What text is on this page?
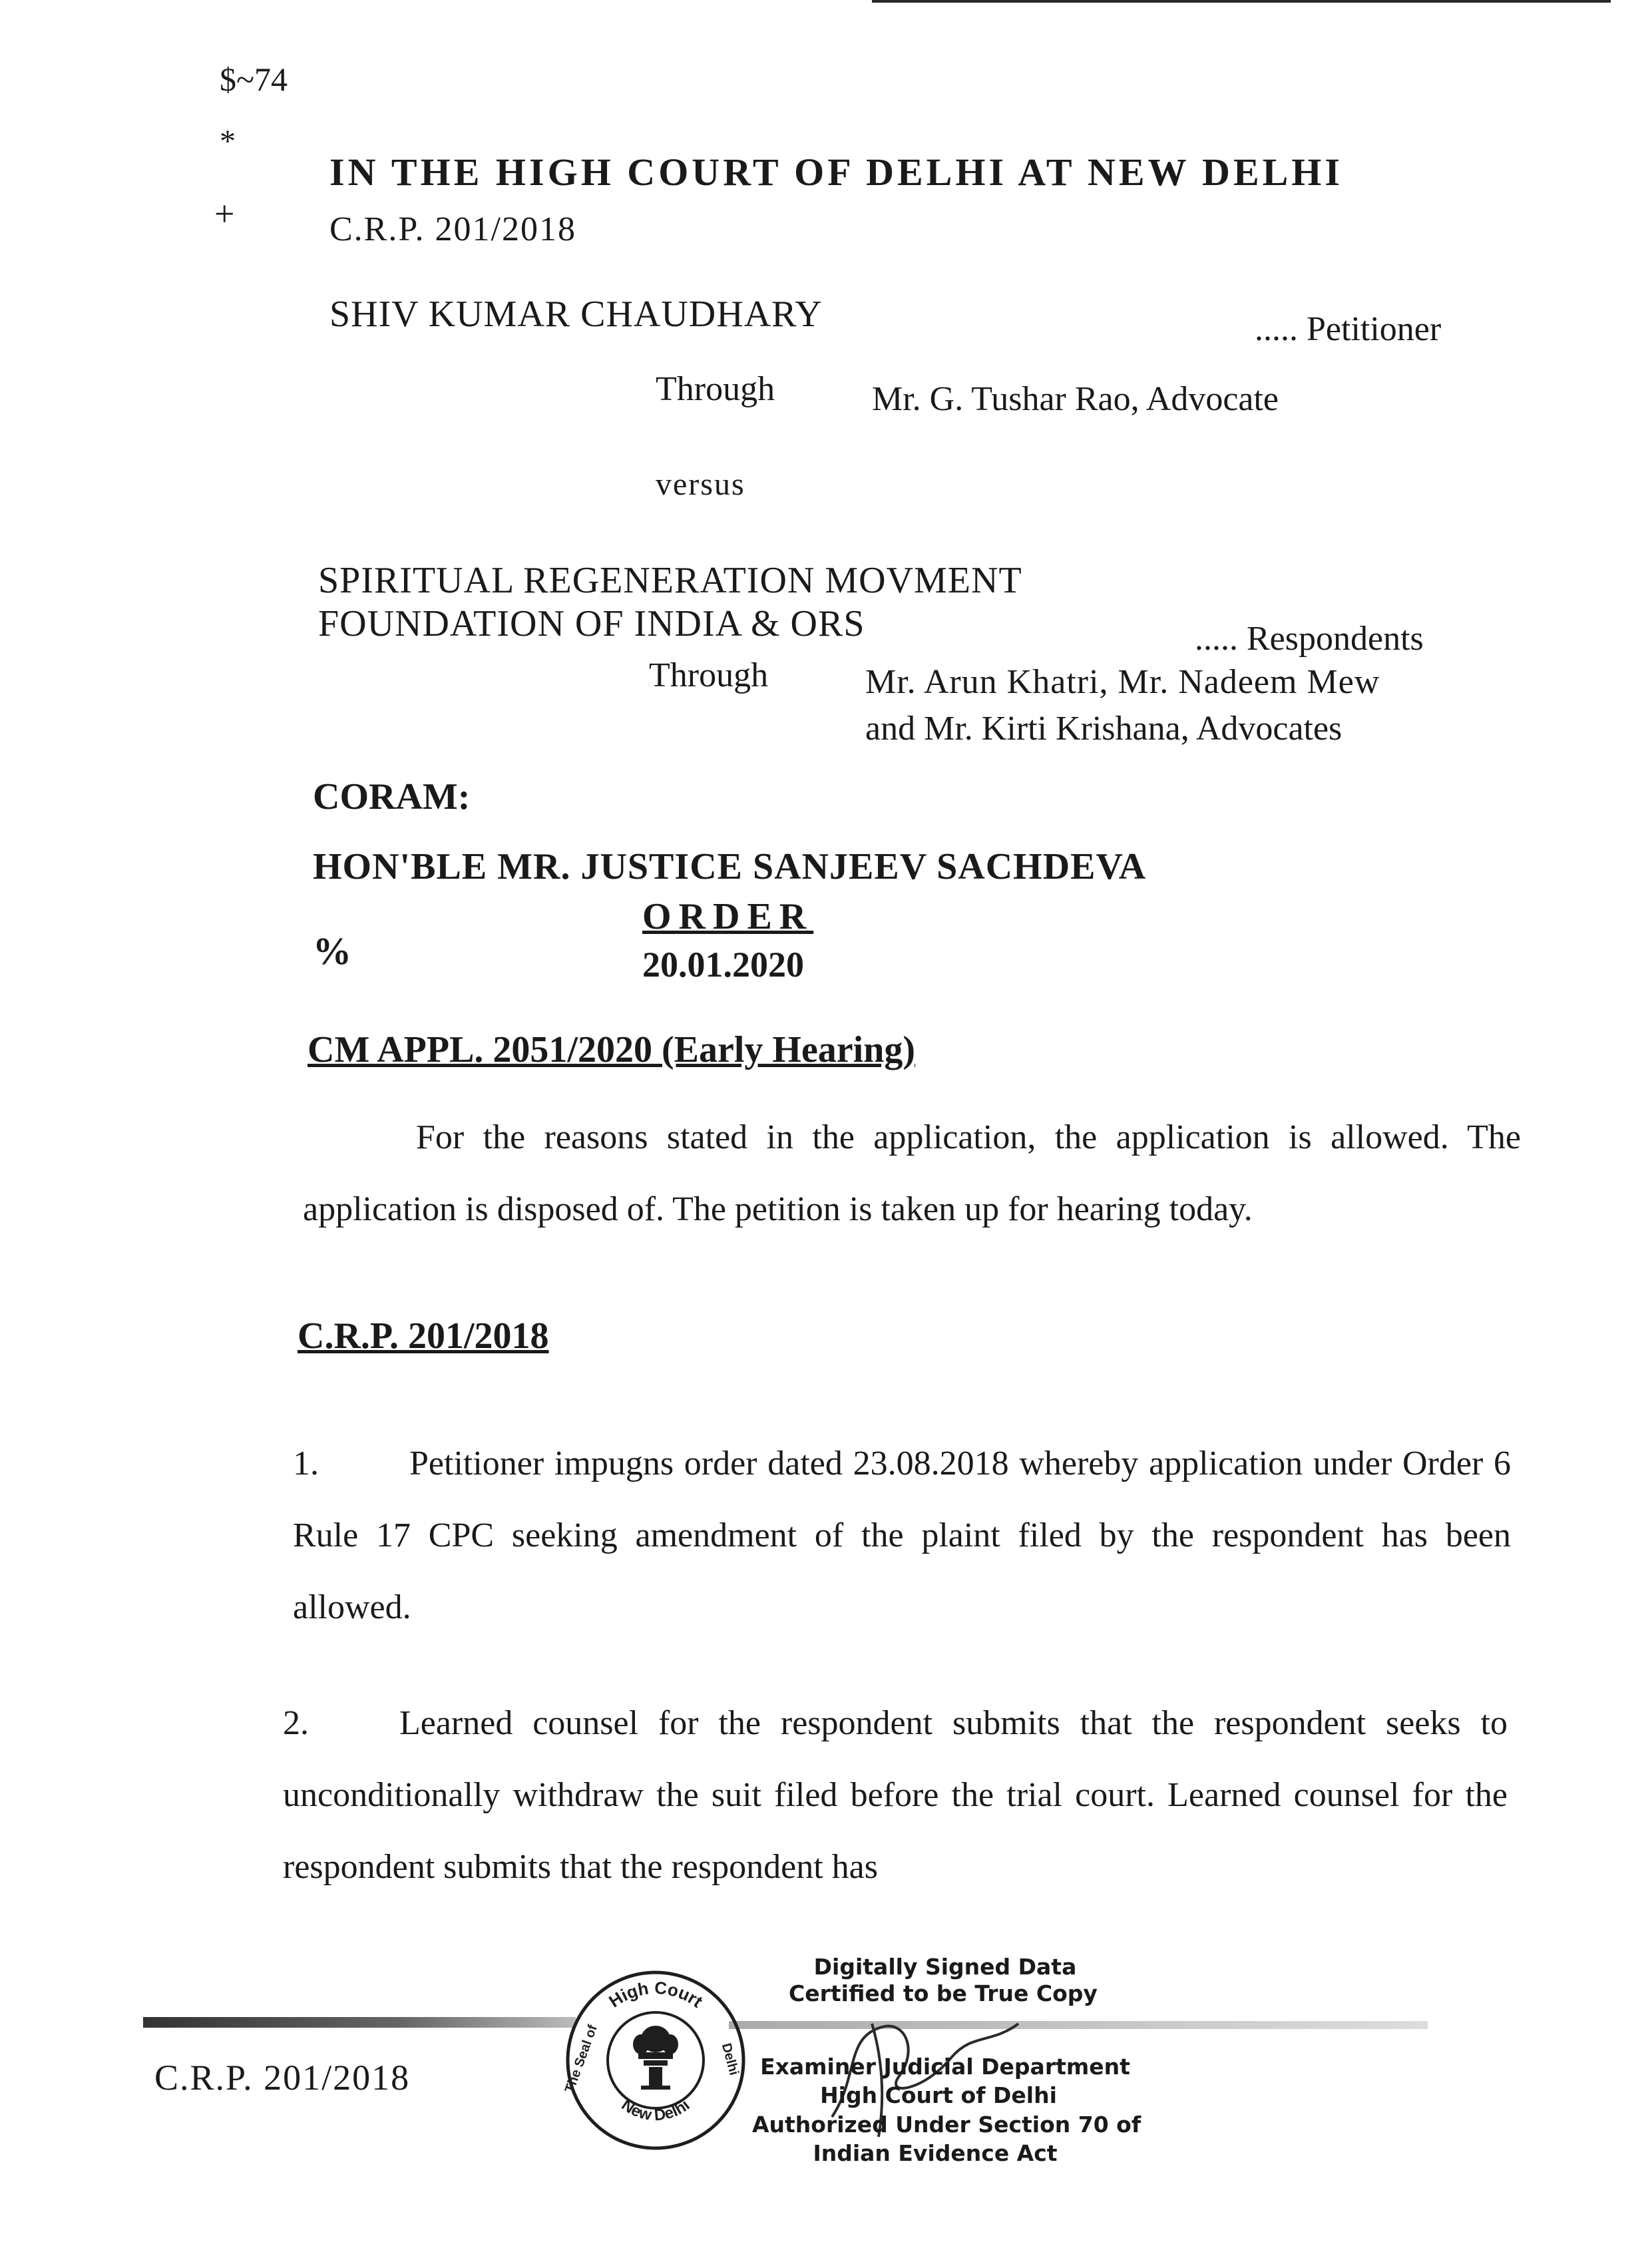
$~74
*
+
IN THE HIGH COURT OF DELHI AT NEW DELHI
C.R.P. 201/2018
SHIV KUMAR CHAUDHARY	..... Petitioner
Through	Mr. G. Tushar Rao, Advocate
versus
SPIRITUAL REGENERATION MOVMENT
FOUNDATION OF INDIA & ORS	..... Respondents
Through	Mr. Arun Khatri, Mr. Nadeem Mew
and Mr. Kirti Krishana, Advocates
CORAM:
HON'BLE MR. JUSTICE SANJEEV SACHDEVA
ORDER
%	20.01.2020
CM APPL. 2051/2020 (Early Hearing)
For the reasons stated in the application, the application is allowed. The application is disposed of. The petition is taken up for hearing today.
C.R.P. 201/2018
1.	Petitioner impugns order dated 23.08.2018 whereby application under Order 6 Rule 17 CPC seeking amendment of the plaint filed by the respondent has been allowed.
2.	Learned counsel for the respondent submits that the respondent seeks to unconditionally withdraw the suit filed before the trial court. Learned counsel for the respondent submits that the respondent has
C.R.P. 201/2018
High Court
New Delhi
The Seal of	Delhi
Digitally Signed Data
Certified to be True Copy
Examiner Judicial Department
High Court of Delhi
Authorized Under Section 70 of
Indian Evidence Act
